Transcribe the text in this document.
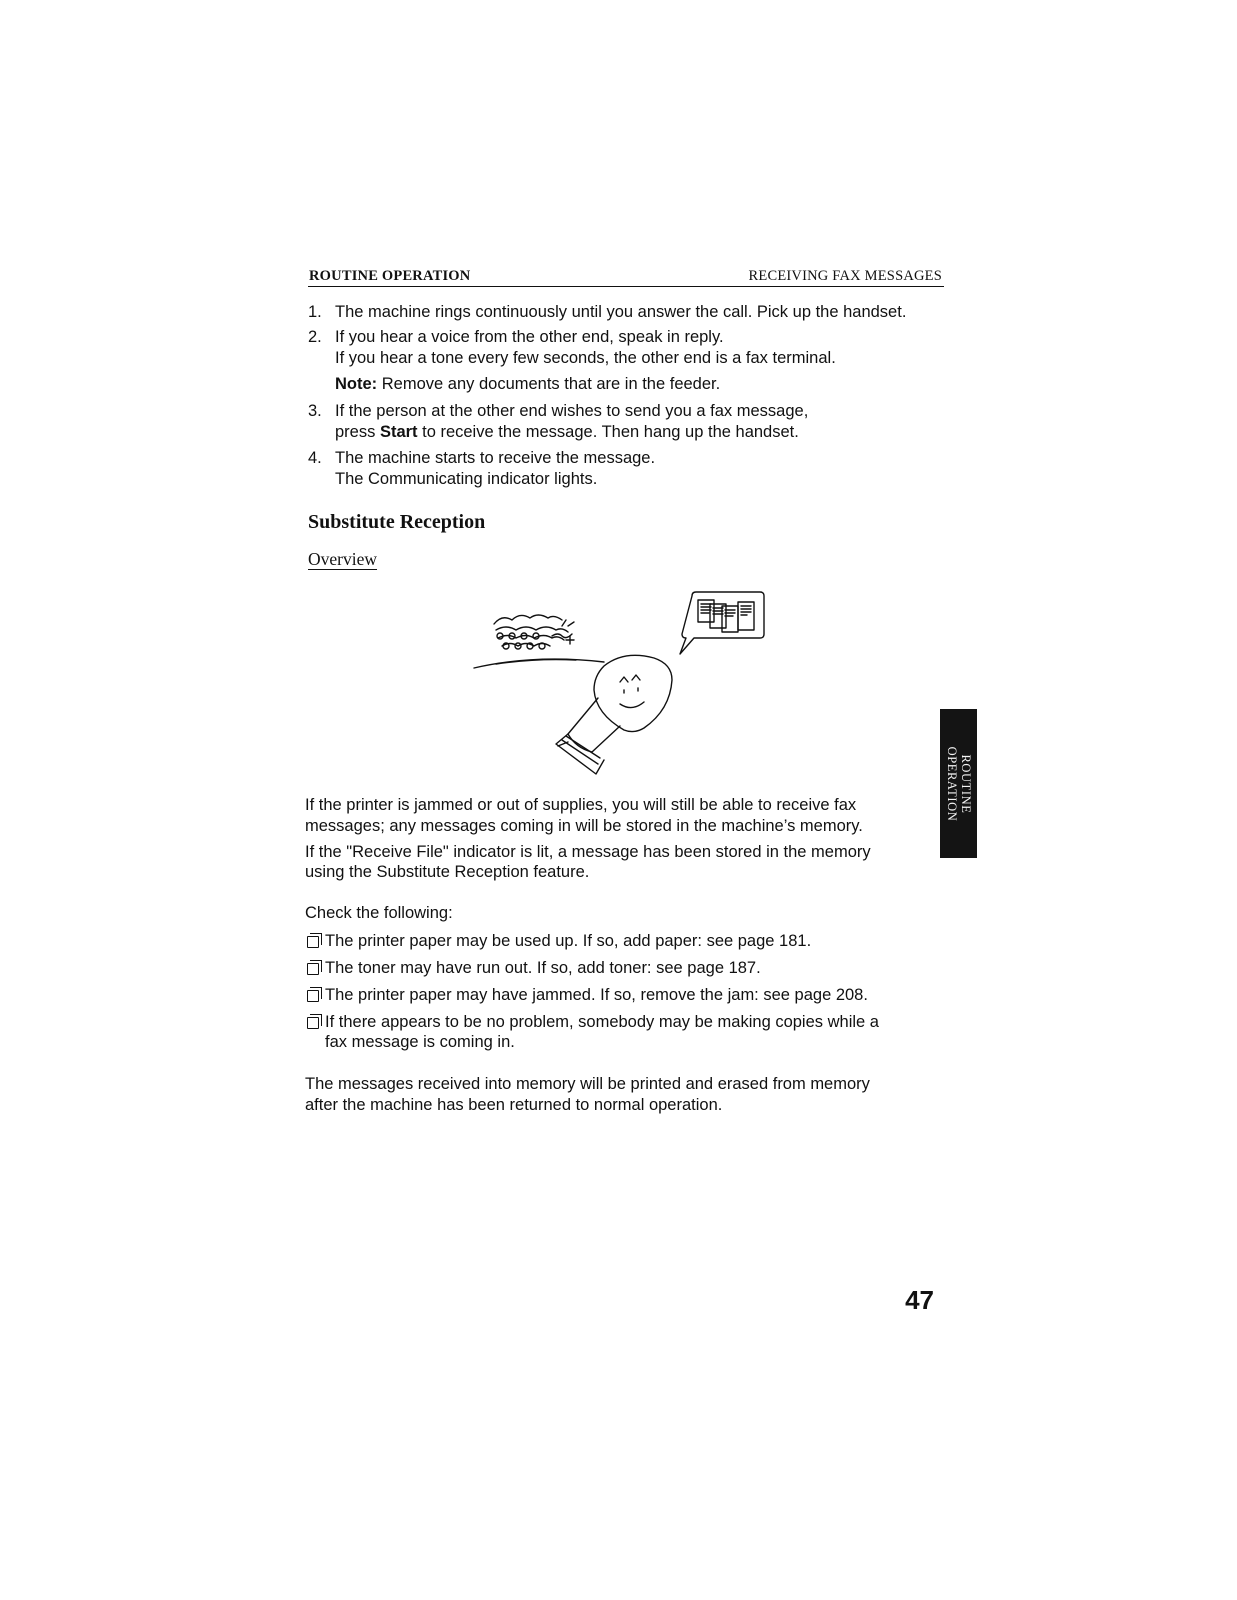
ROUTINE OPERATION	RECEIVING FAX MESSAGES
1. The machine rings continuously until you answer the call. Pick up the handset.
2. If you hear a voice from the other end, speak in reply.
If you hear a tone every few seconds, the other end is a fax terminal.
Note: Remove any documents that are in the feeder.
3. If the person at the other end wishes to send you a fax message,
press Start to receive the message. Then hang up the handset.
4. The machine starts to receive the message.
The Communicating indicator lights.
Substitute Reception
Overview
If the printer is jammed or out of supplies, you will still be able to receive fax
messages; any messages coming in will be stored in the machine’s memory.
If the "Receive File" indicator is lit, a message has been stored in the memory
using the Substitute Reception feature.
Check the following:
The printer paper may be used up. If so, add paper: see page 181.
The toner may have run out. If so, add toner: see page 187.
The printer paper may have jammed. If so, remove the jam: see page 208.
If there appears to be no problem, somebody may be making copies while a
fax message is coming in.
The messages received into memory will be printed and erased from memory
after the machine has been returned to normal operation.
ROUTINE
OPERATION
47
